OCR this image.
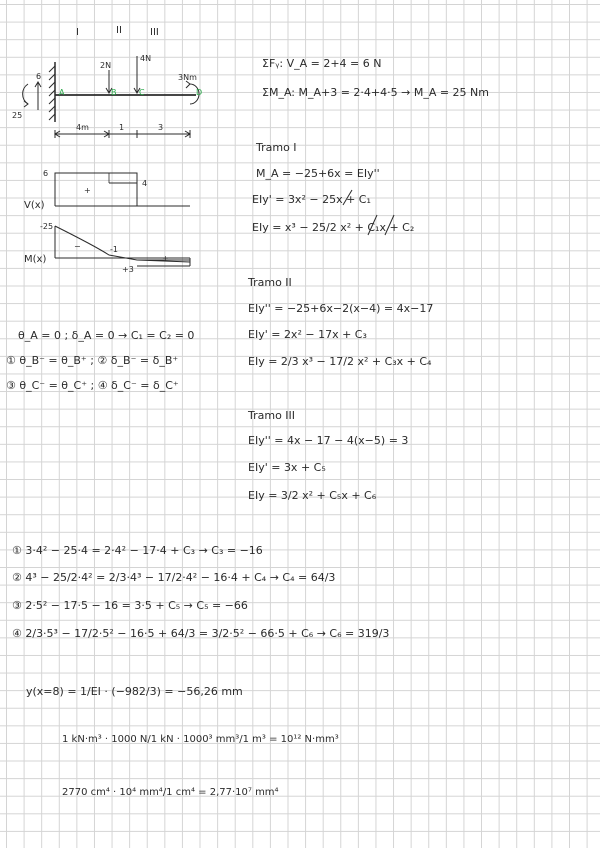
I	II	III
6
25
2N
4N
3Nm
A	B	C	D
4m	1	3
6
4
+
V(x)
-25
-1
+3
−
+
M(x)
ΣFᵧ: V_A = 2+4 = 6 N
ΣM_A: M_A+3 = 2·4+4·5 → M_A = 25 Nm
Tramo I
M_A = −25+6x = EIy''
EIy' = 3x² − 25x + C₁
EIy = x³ − 25/2 x² + C₁x + C₂
Tramo II
EIy'' = −25+6x−2(x−4) = 4x−17
EIy' = 2x² − 17x + C₃
EIy = 2/3 x³ − 17/2 x² + C₃x + C₄
Tramo III
EIy'' = 4x − 17 − 4(x−5) = 3
EIy' = 3x + C₅
EIy = 3/2 x² + C₅x + C₆
θ_A = 0 ; δ_A = 0 → C₁ = C₂ = 0
① θ_B⁻ = θ_B⁺ ; ② δ_B⁻ = δ_B⁺
③ θ_C⁻ = θ_C⁺ ; ④ δ_C⁻ = δ_C⁺
① 3·4² − 25·4 = 2·4² − 17·4 + C₃ → C₃ = −16
② 4³ − 25/2·4² = 2/3·4³ − 17/2·4² − 16·4 + C₄ → C₄ = 64/3
③ 2·5² − 17·5 − 16 = 3·5 + C₅ → C₅ = −66
④ 2/3·5³ − 17/2·5² − 16·5 + 64/3 = 3/2·5² − 66·5 + C₆ → C₆ = 319/3
y(x=8) = 1/EI · (−982/3) = −56,26 mm
1 kN·m³ · 1000 N/1 kN · 1000³ mm³/1 m³ = 10¹² N·mm³
2770 cm⁴ · 10⁴ mm⁴/1 cm⁴ = 2,77·10⁷ mm⁴
